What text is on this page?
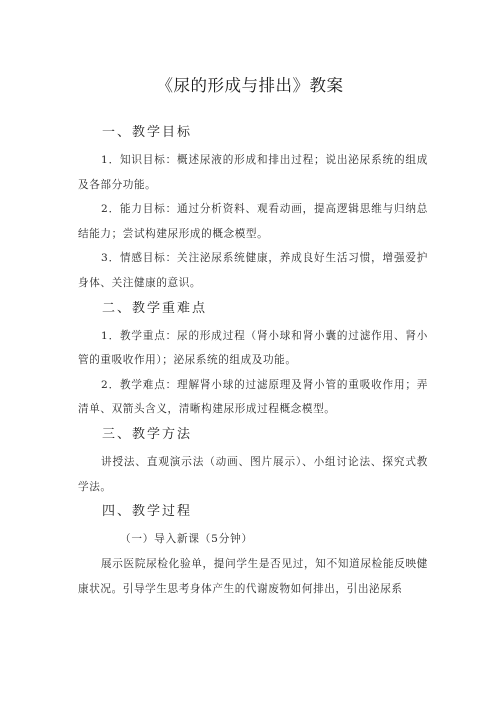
《尿的形成与排出》教案
一、教学目标

1．知识目标：概述尿液的形成和排出过程；说出泌尿系统的组成及各部分功能。

2．能力目标：通过分析资料、观看动画，提高逻辑思维与归纳总结能力；尝试构建尿形成的概念模型。

3．情感目标：关注泌尿系统健康，养成良好生活习惯，增强爱护身体、关注健康的意识。

二、教学重难点

1．教学重点：尿的形成过程（肾小球和肾小囊的过滤作用、肾小管的重吸收作用）；泌尿系统的组成及功能。

2．教学难点：理解肾小球的过滤原理及肾小管的重吸收作用；弄清单、双箭头含义，清晰构建尿形成过程概念模型。

三、教学方法

讲授法、直观演示法（动画、图片展示）、小组讨论法、探究式教学法。

四、教学过程
（一）导入新课（5分钟）

展示医院尿检化验单，提问学生是否见过，知不知道尿检能反映健康状况。引导学生思考身体产生的代谢废物如何排出，引出泌尿系
